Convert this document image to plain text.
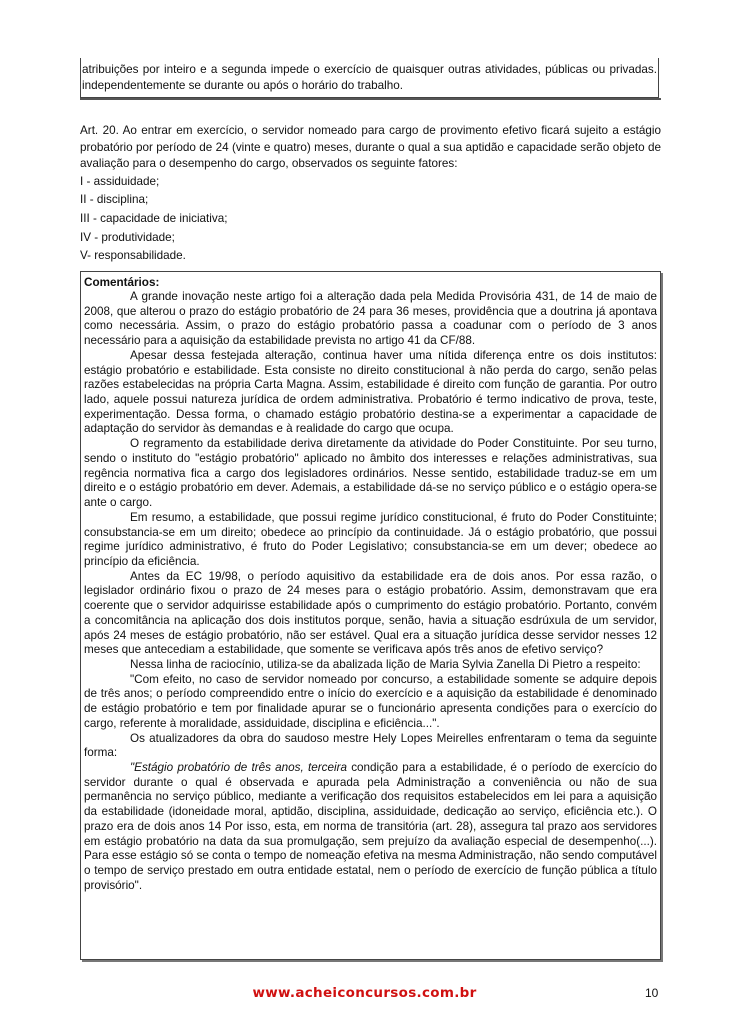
atribuições por inteiro e a segunda impede o exercício de quaisquer outras atividades, públicas ou privadas. independentemente se durante ou após o horário do trabalho.

Art. 20. Ao entrar em exercício, o servidor nomeado para cargo de provimento efetivo ficará sujeito a estágio probatório por período de 24 (vinte e quatro) meses, durante o qual a sua aptidão e capacidade serão objeto de avaliação para o desempenho do cargo, observados os seguinte fatores:

I - assiduidade;

II - disciplina;

III - capacidade de iniciativa;

IV - produtividade;

V- responsabilidade.

Comentários:

A grande inovação neste artigo foi a alteração dada pela Medida Provisória 431, de 14 de maio de 2008, que alterou o prazo do estágio probatório de 24 para 36 meses, providência que a doutrina já apontava como necessária. Assim, o prazo do estágio probatório passa a coadunar com o período de 3 anos necessário para a aquisição da estabilidade prevista no artigo 41 da CF/88.

Apesar dessa festejada alteração, continua haver uma nítida diferença entre os dois institutos: estágio probatório e estabilidade. Esta consiste no direito constitucional à não perda do cargo, senão pelas razões estabelecidas na própria Carta Magna. Assim, estabilidade é direito com função de garantia. Por outro lado, aquele possui natureza jurídica de ordem administrativa. Probatório é termo indicativo de prova, teste, experimentação. Dessa forma, o chamado estágio probatório destina-se a experimentar a capacidade de adaptação do servidor às demandas e à realidade do cargo que ocupa.

O regramento da estabilidade deriva diretamente da atividade do Poder Constituinte. Por seu turno, sendo o instituto do "estágio probatório" aplicado no âmbito dos interesses e relações administrativas, sua regência normativa fica a cargo dos legisladores ordinários. Nesse sentido, estabilidade traduz-se em um direito e o estágio probatório em dever. Ademais, a estabilidade dá-se no serviço público e o estágio opera-se ante o cargo.

Em resumo, a estabilidade, que possui regime jurídico constitucional, é fruto do Poder Constituinte; consubstancia-se em um direito; obedece ao princípio da continuidade. Já o estágio probatório, que possui regime jurídico administrativo, é fruto do Poder Legislativo; consubstancia-se em um dever; obedece ao princípio da eficiência.

Antes da EC 19/98, o período aquisitivo da estabilidade era de dois anos. Por essa razão, o legislador ordinário fixou o prazo de 24 meses para o estágio probatório. Assim, demonstravam que era coerente que o servidor adquirisse estabilidade após o cumprimento do estágio probatório. Portanto, convém a concomitância na aplicação dos dois institutos porque, senão, havia a situação esdrúxula de um servidor, após 24 meses de estágio probatório, não ser estável. Qual era a situação jurídica desse servidor nesses 12 meses que antecediam a estabilidade, que somente se verificava após três anos de efetivo serviço?

Nessa linha de raciocínio, utiliza-se da abalizada lição de Maria Sylvia Zanella Di Pietro a respeito:

"Com efeito, no caso de servidor nomeado por concurso, a estabilidade somente se adquire depois de três anos; o período compreendido entre o início do exercício e a aquisição da estabilidade é denominado de estágio probatório e tem por finalidade apurar se o funcionário apresenta condições para o exercício do cargo, referente à moralidade, assiduidade, disciplina e eficiência...".

Os atualizadores da obra do saudoso mestre Hely Lopes Meirelles enfrentaram o tema da seguinte forma:

"Estágio probatório de três anos, terceira condição para a estabilidade, é o período de exercício do servidor durante o qual é observada e apurada pela Administração a conveniência ou não de sua permanência no serviço público, mediante a verificação dos requisitos estabelecidos em lei para a aquisição da estabilidade (idoneidade moral, aptidão, disciplina, assiduidade, dedicação ao serviço, eficiência etc.). O prazo era de dois anos 14 Por isso, esta, em norma de transitória (art. 28), assegura tal prazo aos servidores em estágio probatório na data da sua promulgação, sem prejuízo da avaliação especial de desempenho(...). Para esse estágio só se conta o tempo de nomeação efetiva na mesma Administração, não sendo computável o tempo de serviço prestado em outra entidade estatal, nem o período de exercício de função pública a título provisório".

www.acheiconcursos.com.br	10
